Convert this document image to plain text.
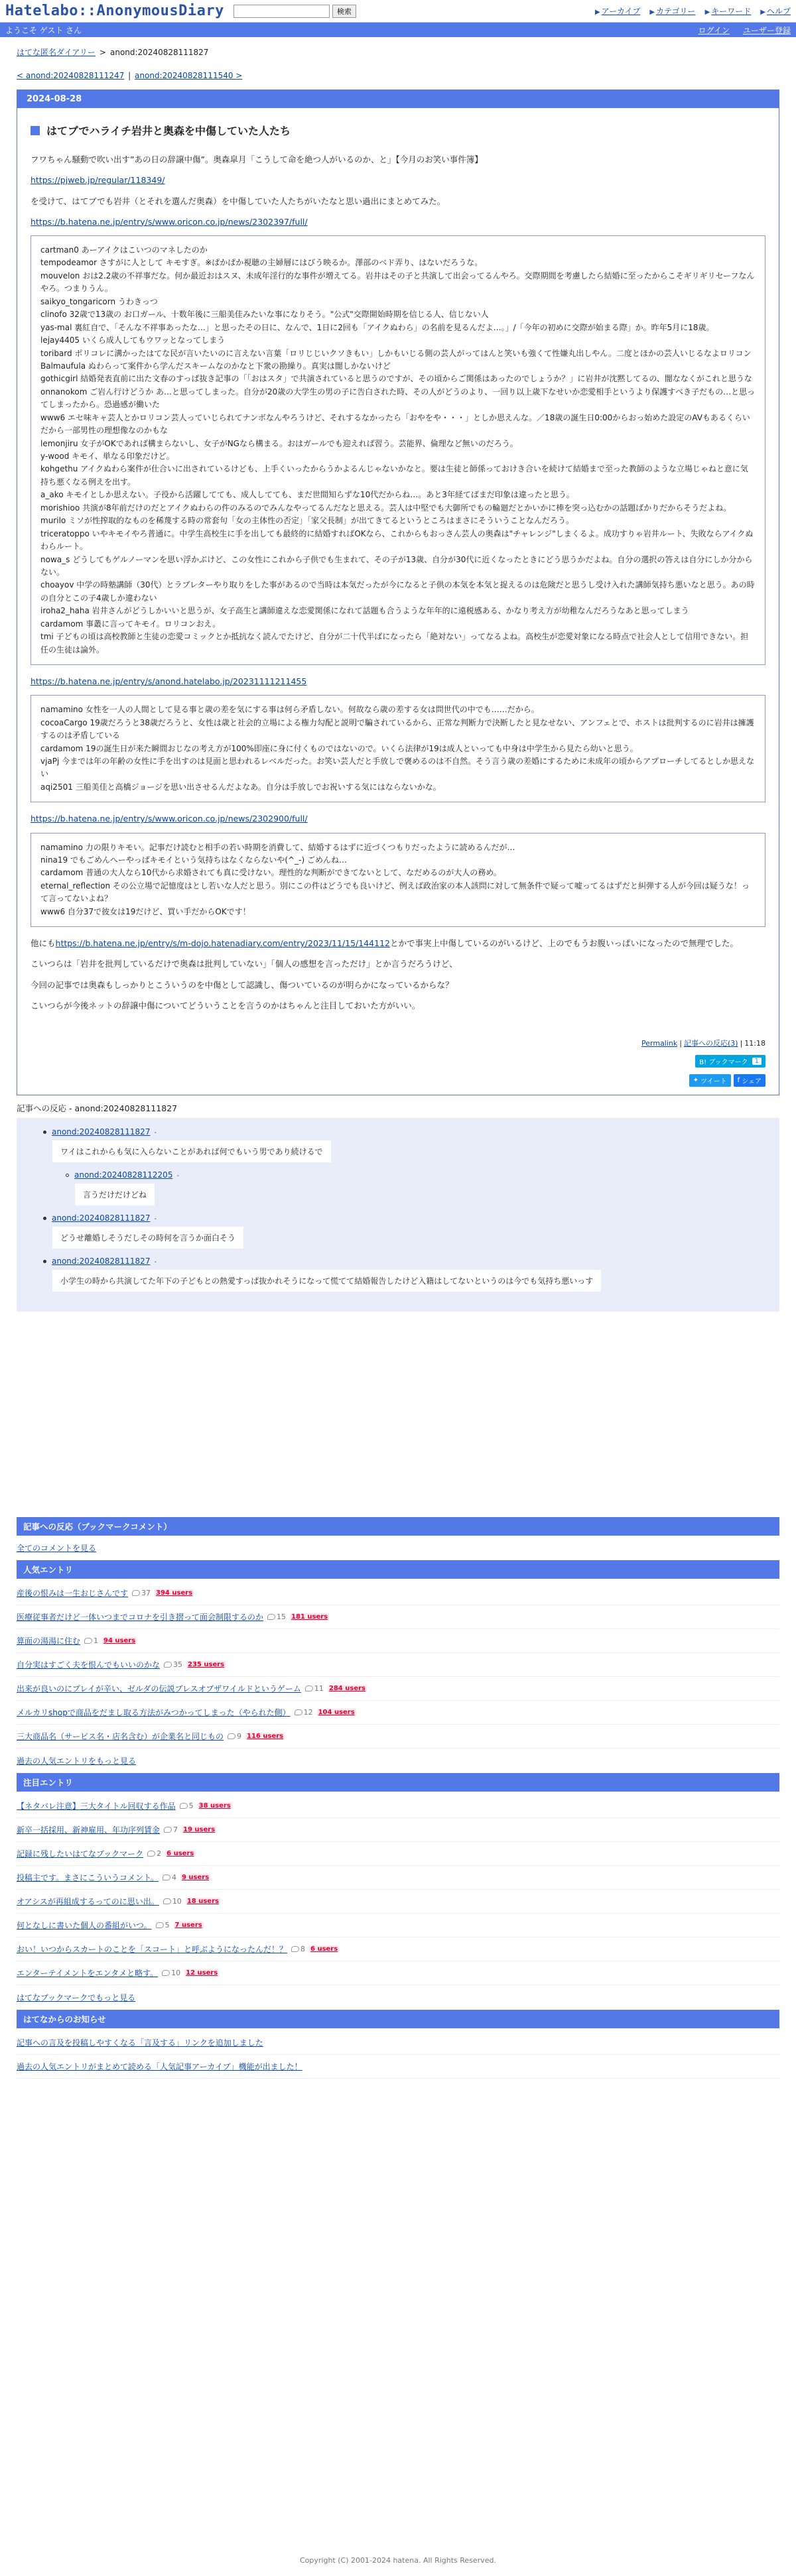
Hatelabo::AnonymousDiary	検索	▶ アーカイブ ▶ カテゴリー ▶ キーワード ▶ ヘルプ
ようこそ ゲスト さん	ログイン ユーザー登録
はてな匿名ダイアリー > anond:20240828111827
< anond:20240828111247 | anond:20240828111540 >
2024-08-28
はてブでハライチ岩井と奥森を中傷していた人たち

フワちゃん騒動で吹い出す”あの日の辞譲中傷”。奥森皐月「こうして命を絶つ人がいるのか、と」【今月のお笑い事件簿】

https://pjweb.jp/regular/118349/

を受けて、はてブでも岩井（とそれを選んだ奥森）を中傷していた人たちがいたなと思い過出にまとめてみた。

https://b.hatena.ne.jp/entry/s/www.oricon.co.jp/news/2302397/full/

cartman0 あーアイクはこいつのマネしたのか

tempodeamor さすがに人として キモすぎ。※ぱかぱか視聴の主婦層にはびう映るか。澤部のベド弄り、はないだろうな。

mouvelon おは2.2歳の不祥事だな。何か最近おはスヌ、未成年淫行的な事件が増えてる。岩井はその子と共演して出会ってるんやろ。交際期間を考慮したら結婚に至ったからこそギリギリセーフなんやろ。つまりうん。

saikyo_tongaricorn うわきっつ

clinofo 32歳で13歳の お口ガール、十数年後に三船美佳みたいな事になりそう。"公式"交際開始時期を信じる人、信じない人

yas-mal 裏紅自で、「そんな不祥事あったな…」と思ったその日に、なんで、1日に2回も「アイクぬわら」の名前を見るんだよ…。」/「今年の初めに交際が始まる際」か。昨年5月に18歳。

lejay4405 いくら成人してもウワッとなってしまう

toribard ポリコレに溝かったはてな民が言いたいのに言えない言葉「ロリじじいクソきもい」しかもいじる側の芸人がってはんと笑いも強くて性嫌丸出しやん。二度とほかの芸人いじるなよロリコン

Balmaufula ぬわらって案件から学んだスキームなのかなと下衆の勘繰り。真実は闇しかないけど

gothicgirl 結婚発表直前に出た文春のすっぱ抜き記事の「「おはスタ」で共演されていると思うのですが、その頃からご関係はあったのでしょうか？」に岩井が沈黙してるの、闇ななくがこれと思うな

onnanokom ご岩ん行けどうか あ…と思ってしまった。自分が20歳の大学生の男の子に告白された時、その人がどうのより、一回り以上歳下なせいか恋愛相手というより保護すべき子だもの…と思ってしまったから。恐過感が働いた

www6 エセ味キャ芸人とかロリコン芸人っていじられてナンボなんやろうけど、それするなかったら「おやをや・・・」としか思えんな。／18歳の誕生日0:00からおっ始めた設定のAVもあるくらいだから一部男性の理想像なのかもな

lemonjiru 女子がOKであれば構まらないし、女子がNGなら構まる。おはガールでも迎えれば習う。芸能界、倫理など無いのだろう。

y-wood キモイ、単なる印象だけど。

kohgethu アイクぬわら案件が仕合いに出されているけども、上手くいったからうかよるんじゃないかなと。要は生徒と師係っておけき合いを続けて結婚まで至った教師のような立場じゃねと意に気持ち悪くなる例えを出す。

a_ako キモイとしか思えない。子役から活躍してても、成人してても、まだ世間知らずな10代だからね…。あと3年経てばまだ印象は違ったと思う。

morishioo 共演が8年前だけのだとアイクぬわらの件のみるのでみんなやってるんだなと思える。芸人は中堅でも大御所でもの輪廻だとかいかに棒を突っ込むかの話題ばかりだからそうだよね。

murilo ミソが性搾取的なものを稀蔑する時の常套句「女の主体性の否定」「家父長制」が出てきてるというところはまさにそういうことなんだろう。

triceratoppo いやキモイやろ普通に。中学生高校生に手を出しても最終的に結婚すればOKなら、これからもおっさん芸人の奥森は"チャレンジ"しまくるよ。成功すりゃ岩井ルート、失敗ならアイクぬわらルート。

nowa_s どうしてもゲルノーマンを思い浮かぶけど、この女性にこれから子供でも生まれて、その子が13歳、自分が30代に近くなったときにどう思うかだよね。自分の選択の答えは自分にしか分からない。

choayov 中学の時塾講師（30代）とラブレターやり取りをした事があるので当時は本気だったが今になると子供の本気を本気と捉えるのは危険だと思うし受け入れた講師気持ち悪いなと思う。あの時の自分とこの子4歳しか違わない

iroha2_haha 岩井さんがどうしかいいと思うが、女子高生と講師違えな恋愛関係になれて話題も合うような年年的に遠税感ある、かなり考え方が幼稚なんだろうなあと思ってしまう

cardamom 事叢に言ってキモイ。ロリコンおえ。

tmi 子どもの頃は高校教師と生徒の恋愛コミックとか抵抗なく読んでたけど、自分が二十代半ばになったら「絶対ない」ってなるよね。高校生が恋愛対象になる時点で社会人として信用できない。担任の生徒は論外。

https://b.hatena.ne.jp/entry/s/anond.hatelabo.jp/20231111211455

namamino 女性を一人の人間として見る事と歳の差を気にする事は何ら矛盾しない。何故なら歳の差する女は問世代の中でも……だから。

cocoaCargo 19歳だろうと38歳だろうと、女性は歳と社会的立場による権力勾配と説明で騙されているから、正常な判断力で決断したと見なせない、アンフェとで、ホストは批判するのに岩井は擁護するのは矛盾している

cardamom 19の誕生日が来た瞬間おじなの考え方が100%即座に身に付くものではないので。いくら法律が19は成人といっても中身は中学生から見たら幼いと思う。

vjaPj 今までは年の年齢の女性に手を出すのは見面と思われるレベルだった。お笑い芸人だと手放しで褒めるのは不自然。そう言う歳の差婚にするために未成年の頃からアプローチしてるとしか思えない

aqi2501 三船美佳と高橋ジョージを思い出させるんだよなあ。自分は手放しでお祝いする気にはならないかな。

https://b.hatena.ne.jp/entry/s/www.oricon.co.jp/news/2302900/full/

namamino 力の限りキモい。記事だけ読むと相手の若い時期を消費して、結婚するはずに近づくつもりだったように読めるんだが…

nina19 でもごめんへーやっぱキモイという気持ちはなくならないや(^_-) ごめんね…

cardamom 普通の大人なら10代から求婚されても真に受けない。理性的な判断ができてないとして、なだめるのが大人の務め。

eternal_reflection その公立場で記憶度はとし若いな人だと思う。別にこの件はどうでも良いけど、例えば政治家の本人該問に対して無条件で疑って嘘ってるはずだと糾弾する人が今回は疑うな！って言ってないよね？

www6 自分37で彼女は19だけど、買い手だからOKです！

他にもhttps://b.hatena.ne.jp/entry/s/m-dojo.hatenadiary.com/entry/2023/11/15/144112とかで事実上中傷しているのがいるけど、上のでもうお腹いっぱいになったので無理でした。

こいつらは「岩井を批判しているだけで奥森は批判していない」「個人の感想を言っただけ」とか言うだろうけど、

今回の記事では奥森もしっかりとこういうのを中傷として認識し、傷ついているのが明らかになっているからな？

こいつらが今後ネットの辞譲中傷についてどういうことを言うのかはちゃんと注目しておいた方がいい。

Permalink | 記事への反応(3) | 11:18
B! ブックマーク	1
✦ ツイート f シェア
記事への反応 - anond:20240828111827
anond:20240828111827 -
ワイはこれからも気に入らないことがあれば何でもいう男であり続けるで
anond:20240828112205 -
言うだけだけどね
anond:20240828111827 -
どうせ離婚しそうだしその時何を言うか面白そう
anond:20240828111827 -
小学生の時から共演してた年下の子どもとの熱愛すっぱ抜かれそうになって慌てて結婚報告したけど入籍はしてないというのは今でも気持ち悪いっす
記事への反応（ブックマークコメント）

全てのコメントを見る

人気エントリ
産後の恨みは一生おじさんです 37 394 users
医療従事者だけど一体いつまでコロナを引き摺って面会制限するのか 15 181 users
算面の湯湯に住む 1 94 users
自分実はすごく夫を恨んでもいいのかな 35 235 users
出来が良いのにプレイが辛い、ゼルダの伝説ブレスオブザワイルドというゲーム 11 284 users
メルカリshopで商品をだまし取る方法がみつかってしまった（やられた側） 12 104 users
三大商品名（サービス名・店名含む）が企業名と同じもの 9 116 users

過去の人気エントリをもっと見る

注目エントリ
【ネタバレ注意】三大タイトル回収する作品 5 38 users
新卒一括採用、新神雇用、年功序列賃金 7 19 users
記録に残したいはてなブックマーク 2 6 users
投稿主です。まさにこういうコメント。 4 9 users
オアシスが再組成するってのに思い出。 10 18 users
何となしに書いた個人の番組がいつ。 5 7 users
おい！いつからスカートのことを「スコート」と呼ぶようになったんだ！？ 8 6 users
エンターテイメントをエンタメと略す。 10 12 users

はてなブックマークでもっと見る

はてなからのお知らせ
記事への言及を投稿しやすくなる「言及する」リンクを追加しました
過去の人気エントリがまとめて読める「人気記事アーカイブ」機能が出ました！
Copyright (C) 2001-2024 hatena. All Rights Reserved.
